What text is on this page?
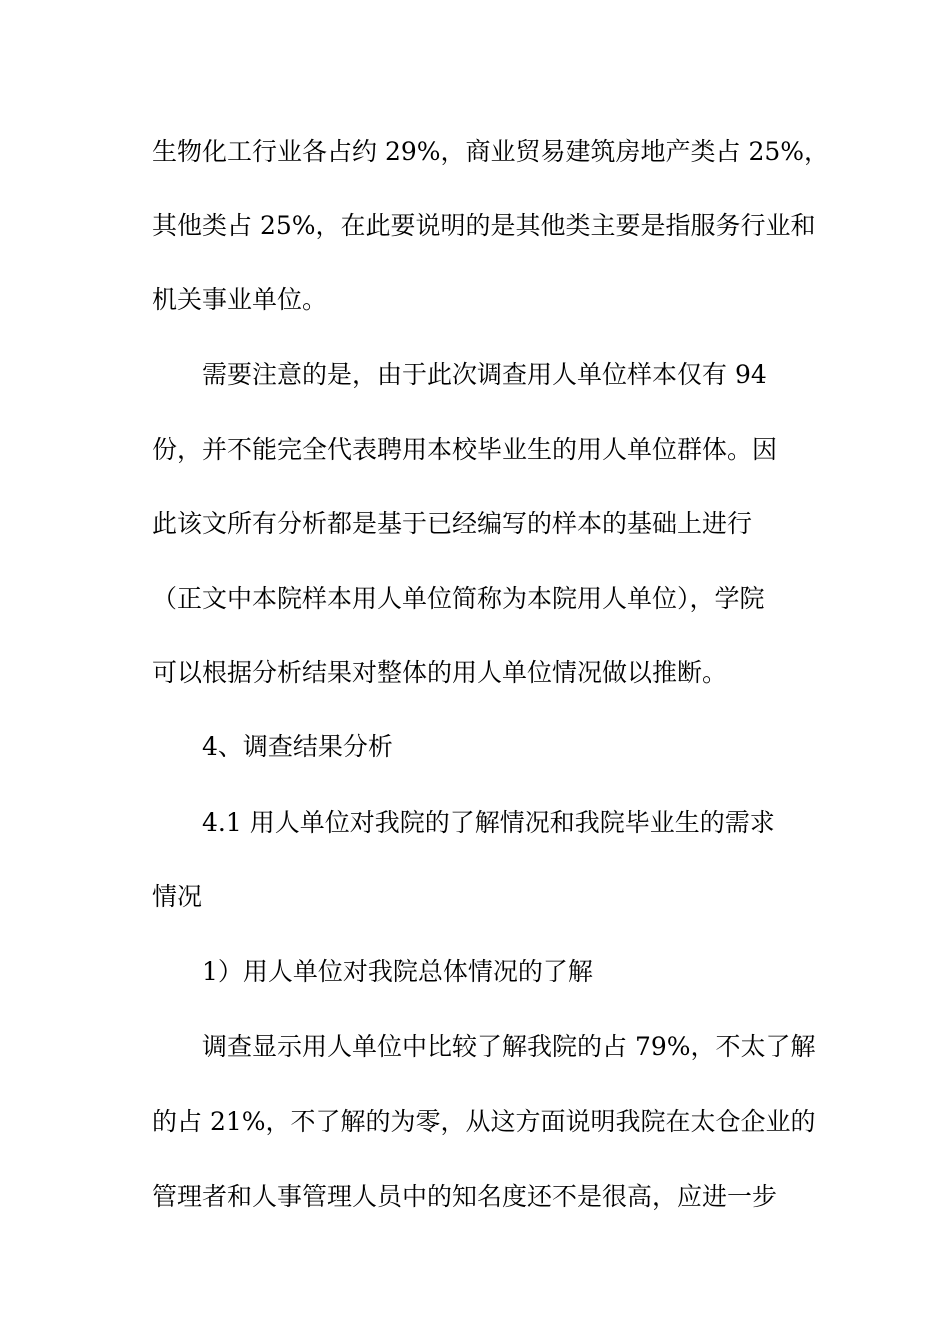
生物化工行业各占约 29%，商业贸易建筑房地产类占 25%，
其他类占 25%，在此要说明的是其他类主要是指服务行业和
机关事业单位。
需要注意的是，由于此次调查用人单位样本仅有 94
份，并不能完全代表聘用本校毕业生的用人单位群体。因
此该文所有分析都是基于已经编写的样本的基础上进行
（正文中本院样本用人单位简称为本院用人单位），学院
可以根据分析结果对整体的用人单位情况做以推断。
4、调查结果分析
4.1 用人单位对我院的了解情况和我院毕业生的需求
情况
1）用人单位对我院总体情况的了解
调查显示用人单位中比较了解我院的占 79%，不太了解
的占 21%，不了解的为零，从这方面说明我院在太仓企业的
管理者和人事管理人员中的知名度还不是很高，应进一步
